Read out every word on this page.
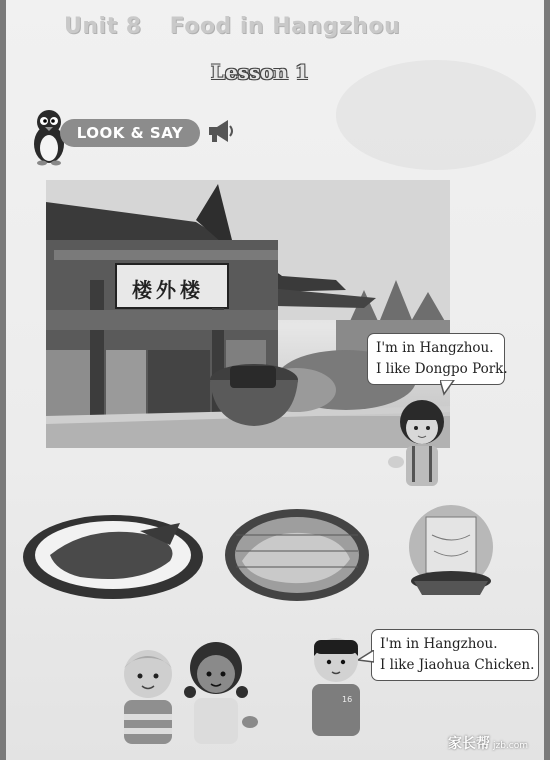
Unit 8 Food in Hangzhou
Lesson 1
LOOK & SAY
楼外楼
I'm in Hangzhou.
I like Dongpo Pork.
16
I'm in Hangzhou.
I like Jiaohua Chicken.
家长帮 jzb.com
